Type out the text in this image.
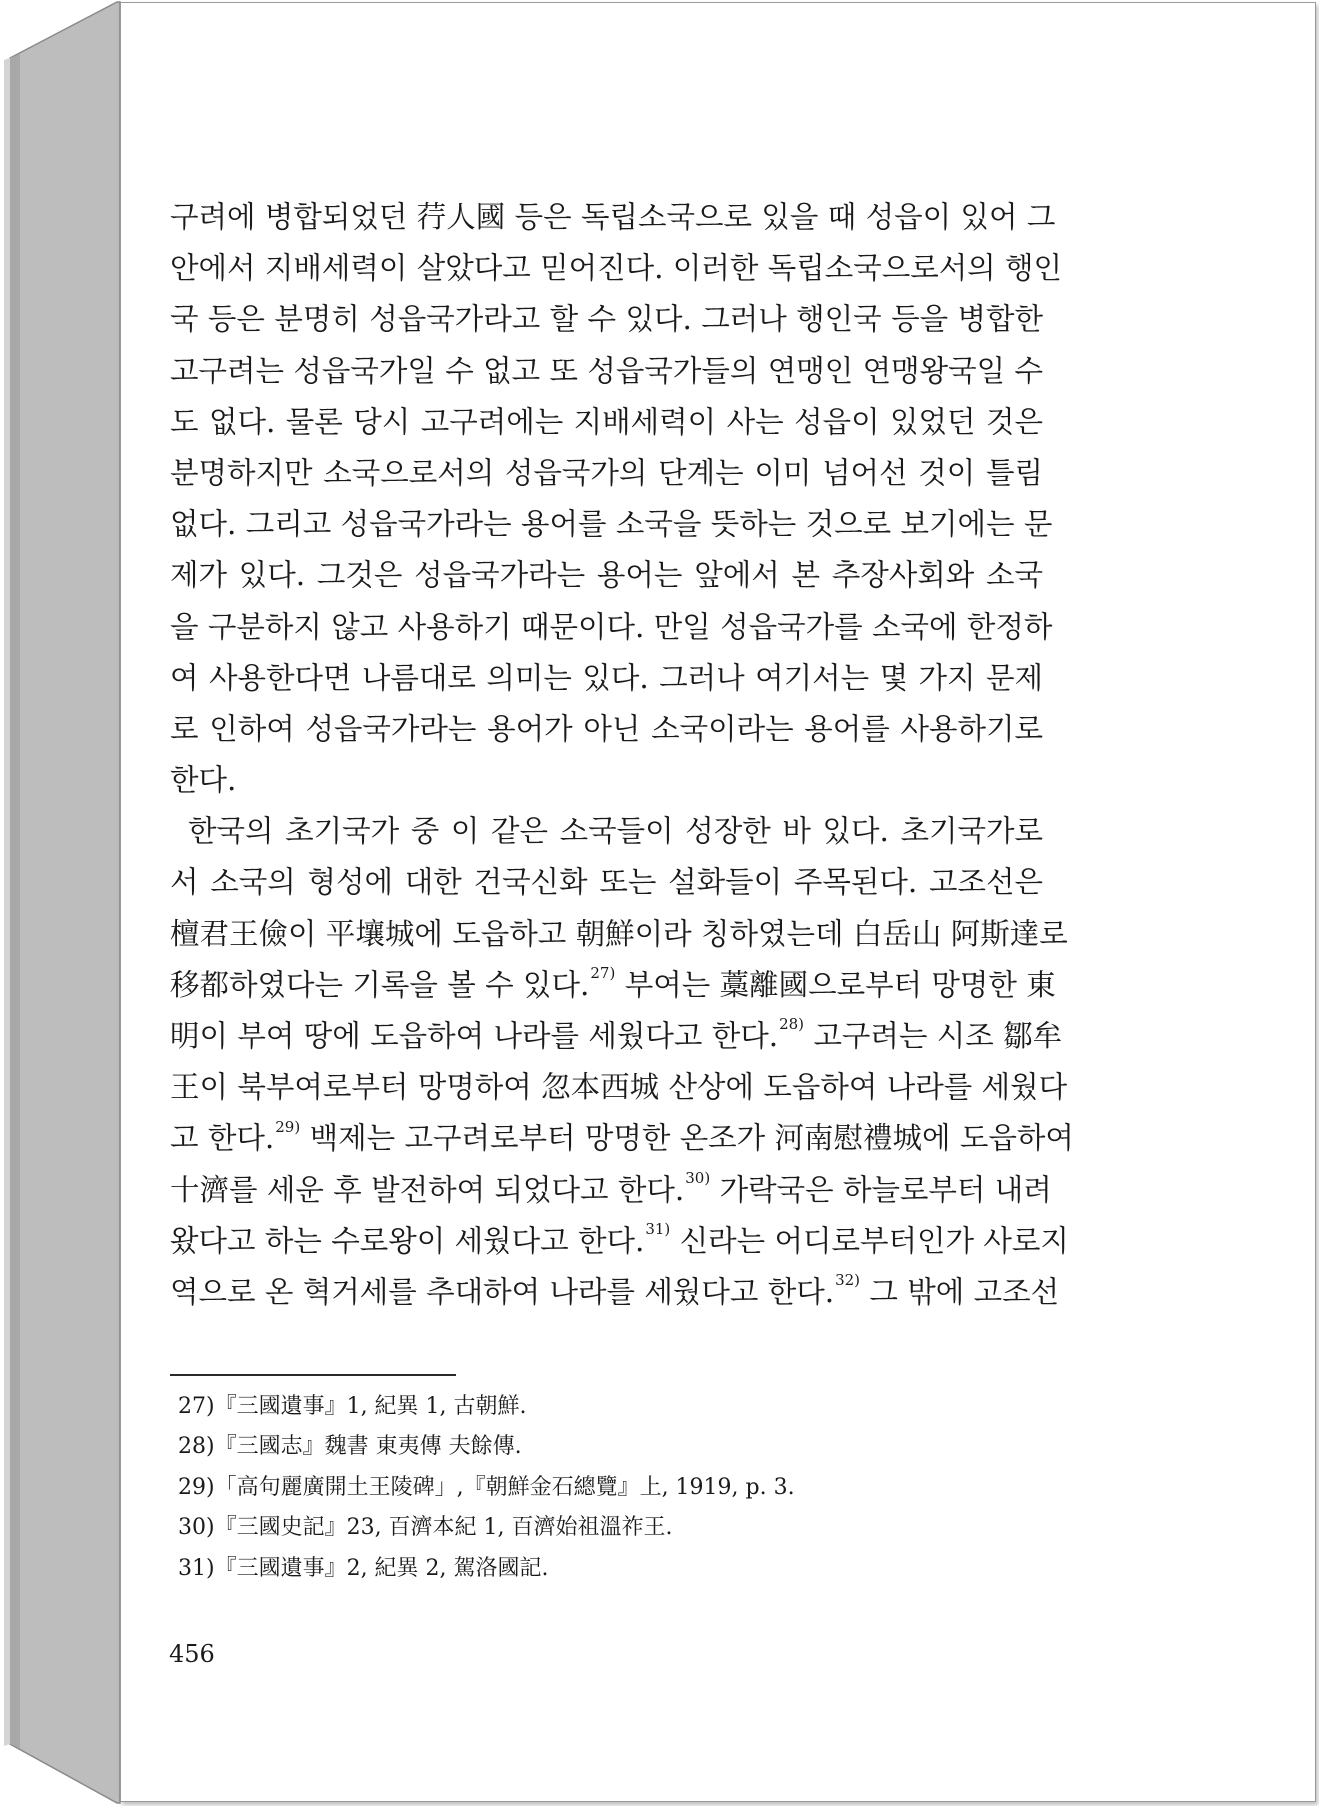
구려에 병합되었던 荇人國 등은 독립소국으로 있을 때 성읍이 있어 그
안에서 지배세력이 살았다고 믿어진다. 이러한 독립소국으로서의 행인
국 등은 분명히 성읍국가라고 할 수 있다. 그러나 행인국 등을 병합한
고구려는 성읍국가일 수 없고 또 성읍국가들의 연맹인 연맹왕국일 수
도 없다. 물론 당시 고구려에는 지배세력이 사는 성읍이 있었던 것은
분명하지만 소국으로서의 성읍국가의 단계는 이미 넘어선 것이 틀림
없다. 그리고 성읍국가라는 용어를 소국을 뜻하는 것으로 보기에는 문
제가 있다. 그것은 성읍국가라는 용어는 앞에서 본 추장사회와 소국
을 구분하지 않고 사용하기 때문이다. 만일 성읍국가를 소국에 한정하
여 사용한다면 나름대로 의미는 있다. 그러나 여기서는 몇 가지 문제
로 인하여 성읍국가라는 용어가 아닌 소국이라는 용어를 사용하기로
한다.
한국의 초기국가 중 이 같은 소국들이 성장한 바 있다. 초기국가로
서 소국의 형성에 대한 건국신화 또는 설화들이 주목된다. 고조선은
檀君王儉이 平壤城에 도읍하고 朝鮮이라 칭하였는데 白岳山 阿斯達로
移都하였다는 기록을 볼 수 있다.$^{27)}$ 부여는 藁離國으로부터 망명한 東
明이 부여 땅에 도읍하여 나라를 세웠다고 한다.$^{28)}$ 고구려는 시조 鄒牟
王이 북부여로부터 망명하여 忽本西城 산상에 도읍하여 나라를 세웠다
고 한다.$^{29)}$ 백제는 고구려로부터 망명한 온조가 河南慰禮城에 도읍하여
十濟를 세운 후 발전하여 되었다고 한다.$^{30)}$ 가락국은 하늘로부터 내려
왔다고 하는 수로왕이 세웠다고 한다.$^{31)}$ 신라는 어디로부터인가 사로지
역으로 온 혁거세를 추대하여 나라를 세웠다고 한다.$^{32)}$ 그 밖에 고조선
27)『三國遺事』1, 紀異 1, 古朝鮮.
28)『三國志』魏書 東夷傳 夫餘傳.
29)「高句麗廣開土王陵碑」,『朝鮮金石總覽』上, 1919, p. 3.
30)『三國史記』23, 百濟本紀 1, 百濟始祖溫祚王.
31)『三國遺事』2, 紀異 2, 駕洛國記.
456
